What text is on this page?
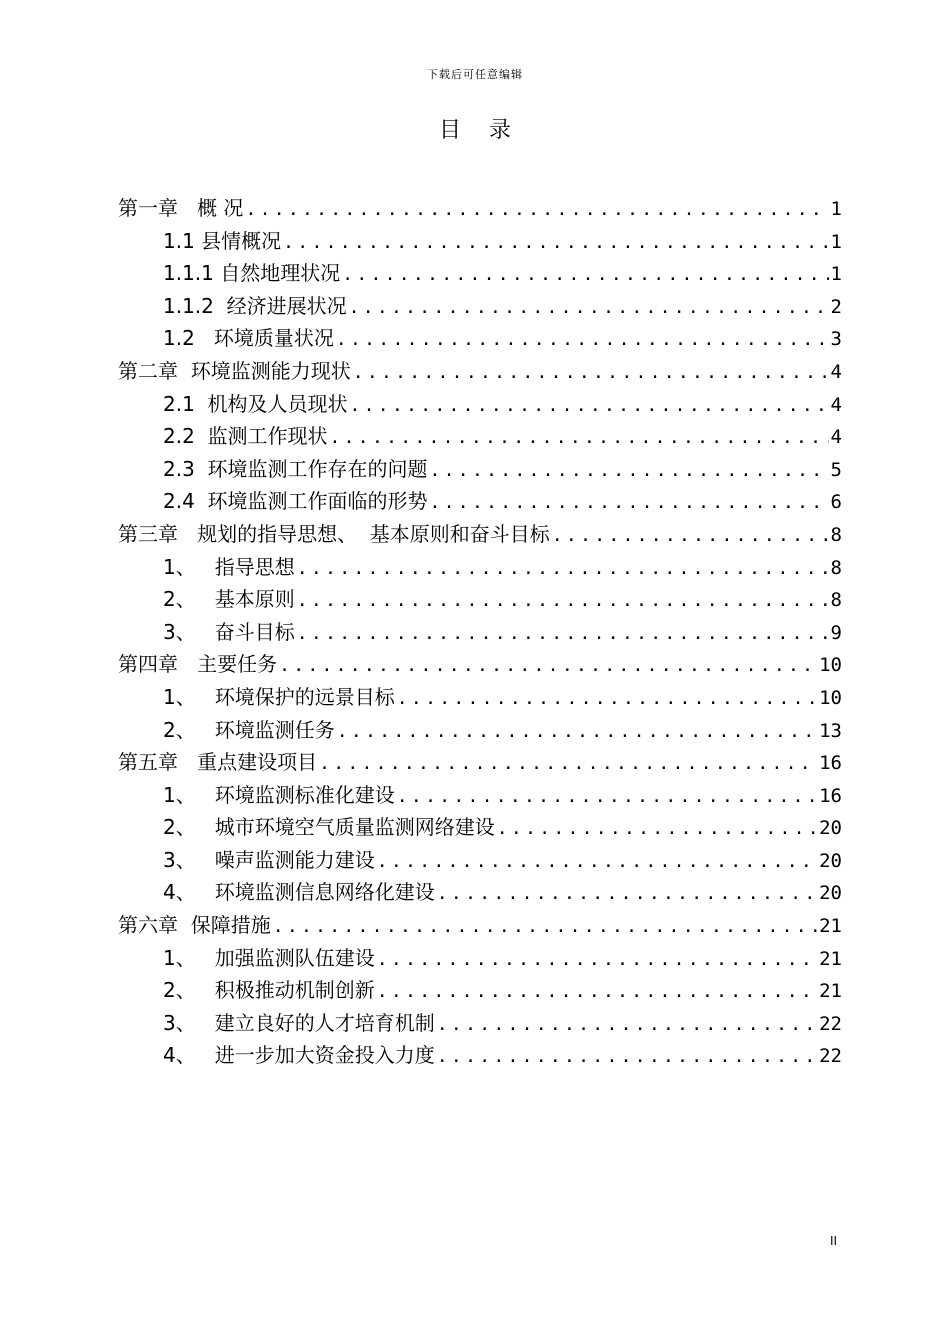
下载后可任意编辑
目 录
第一章   概 况 .....	1
1.1 县情概况 .....	1
1.1.1 自然地理状况 .....	1
1.1.2  经济进展状况 .....	2
1.2   环境质量状况 .....	3
第二章  环境监测能力现状 .....	4
2.1  机构及人员现状 .....	4
2.2  监测工作现状 .....	4
2.3  环境监测工作存在的问题 .....	5
2.4  环境监测工作面临的形势 .....	6
第三章   规划的指导思想、  基本原则和奋斗目标 .....	8
1、   指导思想 .....	8
2、   基本原则 .....	8
3、   奋斗目标 .....	9
第四章   主要任务 .....	10
1、   环境保护的远景目标 .....	10
2、   环境监测任务 .....	13
第五章   重点建设项目 .....	16
1、   环境监测标准化建设 .....	16
2、   城市环境空气质量监测网络建设 .....	20
3、   噪声监测能力建设 .....	20
4、   环境监测信息网络化建设 .....	20
第六章  保障措施 .....	21
1、   加强监测队伍建设 .....	21
2、   积极推动机制创新 .....	21
3、   建立良好的人才培育机制 .....	22
4、   进一步加大资金投入力度 .....	22
II
